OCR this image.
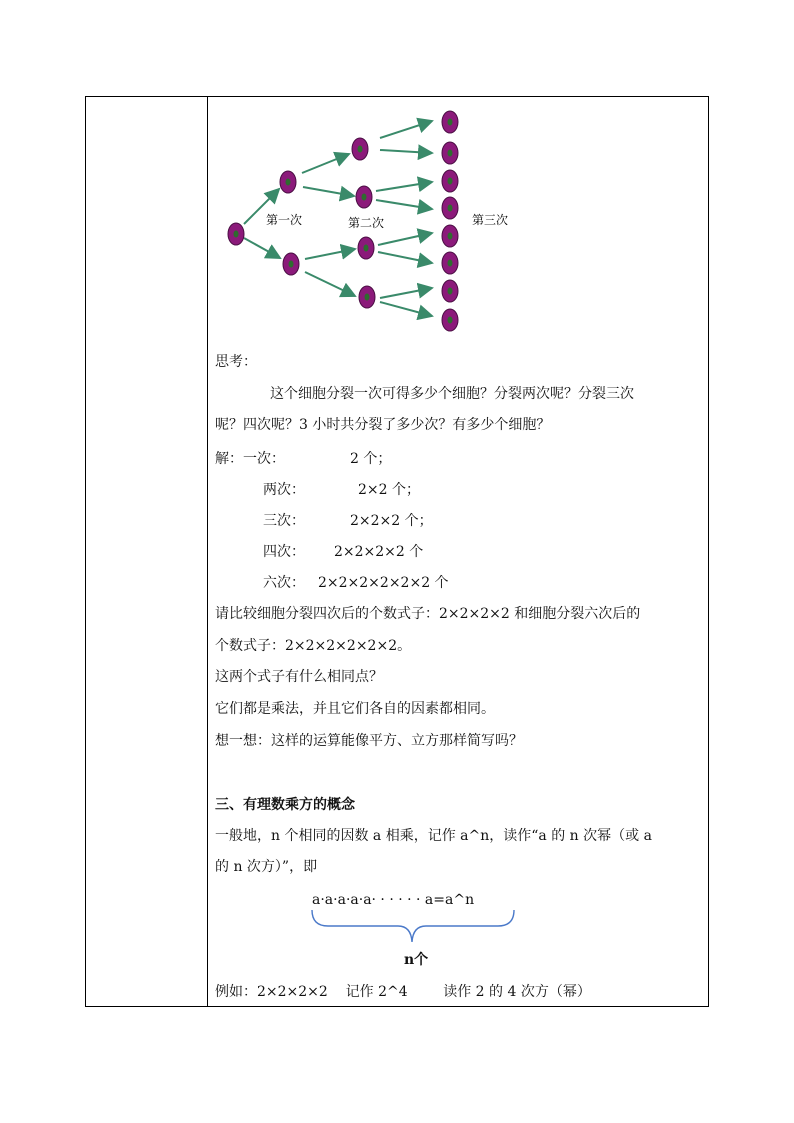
第一次	第二次	第三次
思考：
这个细胞分裂一次可得多少个细胞？分裂两次呢？分裂三次
呢？四次呢？3 小时共分裂了多少次？有多少个细胞？
解：一次：	2 个；
两次：	2×2 个；
三次：	2×2×2 个；
四次： 2×2×2×2 个
六次： 2×2×2×2×2×2 个
请比较细胞分裂四次后的个数式子：2×2×2×2 和细胞分裂六次后的
个数式子：2×2×2×2×2×2。
这两个式子有什么相同点？
它们都是乘法，并且它们各自的因素都相同。
想一想：这样的运算能像平方、立方那样简写吗？
三、有理数乘方的概念
一般地，n 个相同的因数 a 相乘，记作 a^n，读作“a 的 n 次幂（或 a
的 n 次方）”，即
a·a·a·a·a· · · · · · a=a^n
n个
例如：2×2×2×2    记作 2^4        读作 2 的 4 次方（幂）
